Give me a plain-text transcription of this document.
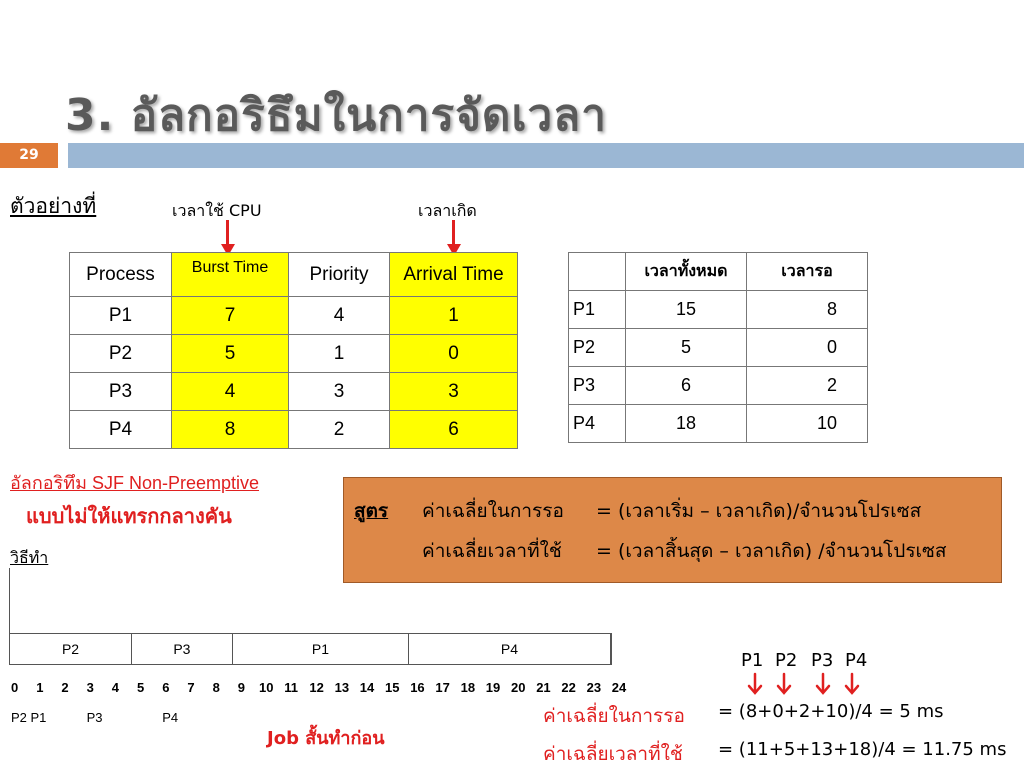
3. อัลกอริธึมในการจัดเวลา
29
ตัวอย่างที่	เวลาใช้ CPU	เวลาเกิด
Process	Burst Time	Priority	Arrival Time
P1	7	4	1
P2	5	1	0
P3	4	3	3
P4	8	2	6
	เวลาทั้งหมด	เวลารอ
P1	15	8
P2	5	0
P3	6	2
P4	18	10
อัลกอริทึม SJF Non-Preemptive
แบบไม่ให้แทรกกลางคัน
วิธีทำ
สูตร ค่าเฉลี่ยในการรอ = (เวลาเริ่ม – เวลาเกิด)/จำนวนโปรเซส
ค่าเฉลี่ยเวลาที่ใช้ = (เวลาสิ้นสุด – เวลาเกิด) /จำนวนโปรเซส
P2	P3	P1	P4
0 1 2 3 4 5 6 7 8 9 10 11 12 13 14 15 16 17 18 19 20 21 22 23 24
P2 P1	P3	P4
Job สั้นทำก่อน
P1 P2 P3 P4
ค่าเฉลี่ยในการรอ = (8+0+2+10)/4 = 5 ms
ค่าเฉลี่ยเวลาที่ใช้ = (11+5+13+18)/4 = 11.75 ms
